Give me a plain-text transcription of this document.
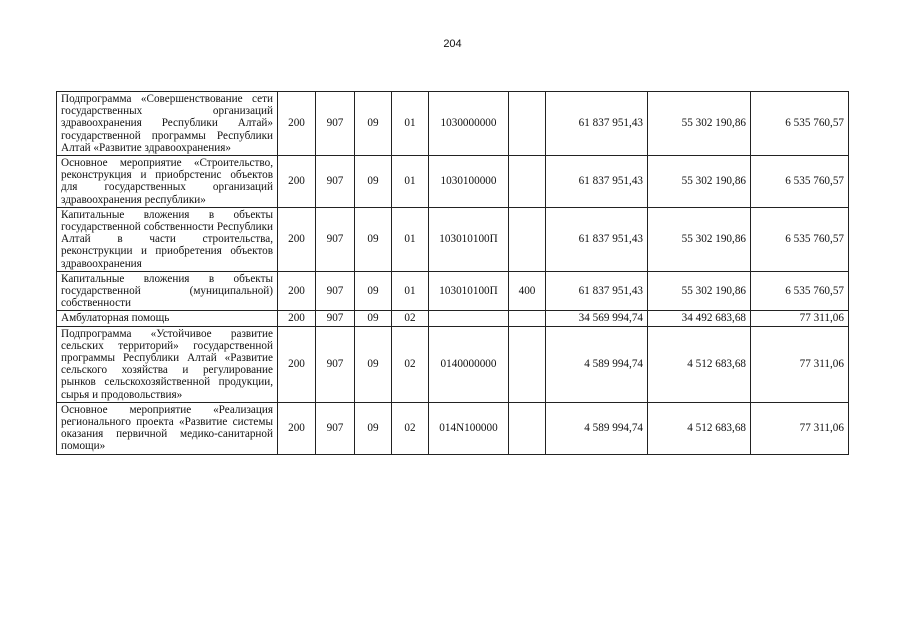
204
Подпрограмма «Совершенствование сети государственных организаций здравоохранения Республики Алтай» государственной программы Республики Алтай «Развитие здравоохранения»	200	907	09	01	1030000000		61 837 951,43	55 302 190,86	6 535 760,57
Основное мероприятие «Строительство, реконструкция и приобрстенис объектов для государственных организаций здравоохранения республики»	200	907	09	01	1030100000		61 837 951,43	55 302 190,86	6 535 760,57
Капитальные вложения в объекты государственной собственности Республики Алтай в части строительства, реконструкции и приобретения объектов здравоохранения	200	907	09	01	103010100П		61 837 951,43	55 302 190,86	6 535 760,57
Капитальные вложения в объекты государственной (муниципальной) собственности	200	907	09	01	103010100П	400	61 837 951,43	55 302 190,86	6 535 760,57
Амбулаторная помощь	200	907	09	02			34 569 994,74	34 492 683,68	77 311,06
Подпрограмма «Устойчивое развитие сельских территорий» государственной программы Республики Алтай «Развитие сельского хозяйства и регулирование рынков сельскохозяйственной продукции, сырья и продовольствия»	200	907	09	02	0140000000		4 589 994,74	4 512 683,68	77 311,06
Основное мероприятие «Реализация регионального проекта «Развитие системы оказания первичной медико-санитарной помощи»	200	907	09	02	014N100000		4 589 994,74	4 512 683,68	77 311,06
